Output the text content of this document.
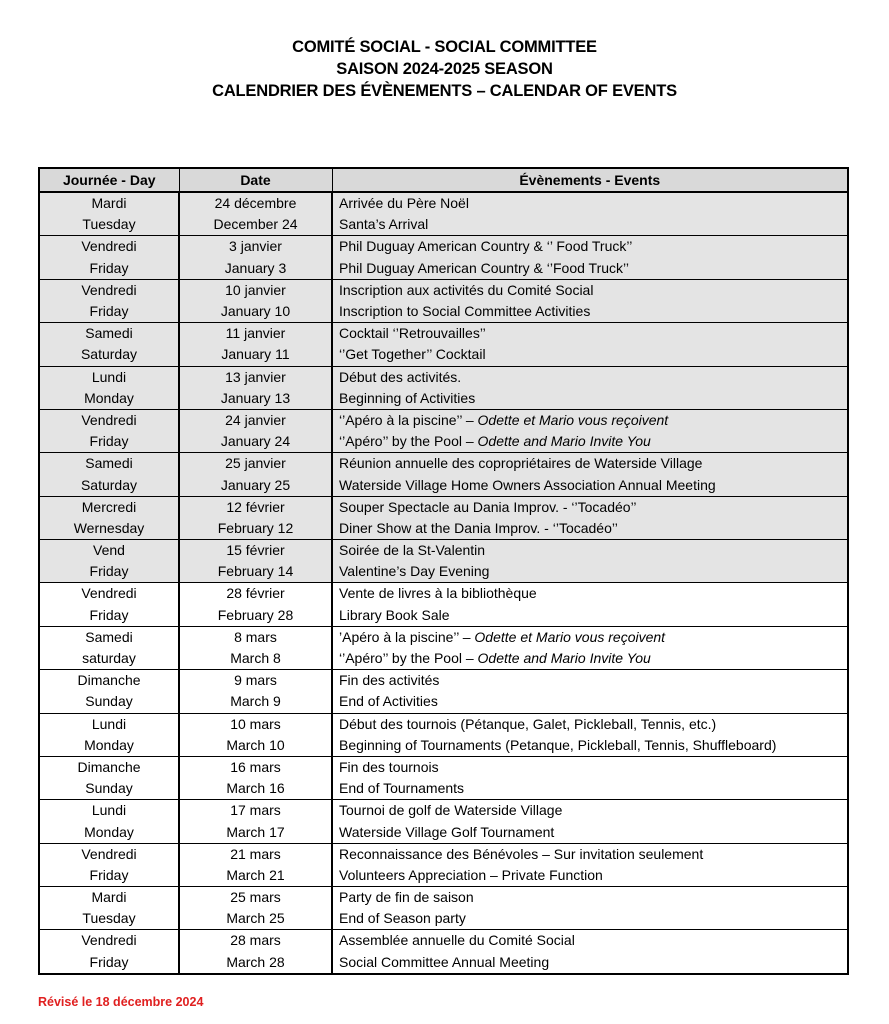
COMITÉ SOCIAL - SOCIAL COMMITTEE
SAISON 2024-2025 SEASON
CALENDRIER DES ÉVÈNEMENTS – CALENDAR OF EVENTS
Journée - Day	Date	Évènements - Events
Mardi	24 décembre	Arrivée du Père Noël
Tuesday	December 24	Santa’s Arrival
Vendredi	3 janvier	Phil Duguay American Country & ‘’ Food Truck’’
Friday	January 3	Phil Duguay American Country & ‘’Food Truck’’
Vendredi	10 janvier	Inscription aux activités du Comité Social
Friday	January 10	Inscription to Social Committee Activities
Samedi	11 janvier	Cocktail ‘’Retrouvailles’’
Saturday	January 11	‘’Get Together’’ Cocktail
Lundi	13 janvier	Début des activités.
Monday	January 13	Beginning of Activities
Vendredi	24 janvier	‘’Apéro à la piscine’’ – Odette et Mario vous reçoivent
Friday	January 24	‘’Apéro’’ by the Pool – Odette and Mario Invite You
Samedi	25 janvier	Réunion annuelle des copropriétaires de Waterside Village
Saturday	January 25	Waterside Village Home Owners Association Annual Meeting
Mercredi	12 février	Souper Spectacle au Dania Improv. - ‘’Tocadéo’’
Wernesday	February 12	Diner Show at the Dania Improv. - ‘’Tocadéo’’
Vend	15 février	Soirée de la St-Valentin
Friday	February 14	Valentine’s Day Evening
Vendredi	28 février	Vente de livres à la bibliothèque
Friday	February 28	Library Book Sale
Samedi	8 mars	’Apéro à la piscine’’ – Odette et Mario vous reçoivent
saturday	March 8	‘’Apéro’’ by the Pool – Odette and Mario Invite You
Dimanche	9 mars	Fin des activités
Sunday	March 9	End of Activities
Lundi	10 mars	Début des tournois (Pétanque, Galet, Pickleball, Tennis, etc.)
Monday	March 10	Beginning of Tournaments (Petanque, Pickleball, Tennis, Shuffleboard)
Dimanche	16 mars	Fin des tournois
Sunday	March 16	End of Tournaments
Lundi	17 mars	Tournoi de golf de Waterside Village
Monday	March 17	Waterside Village Golf Tournament
Vendredi	21 mars	Reconnaissance des Bénévoles – Sur invitation seulement
Friday	March 21	Volunteers Appreciation – Private Function
Mardi	25 mars	Party de fin de saison
Tuesday	March 25	End of Season party
Vendredi	28 mars	Assemblée annuelle du Comité Social
Friday	March 28	Social Committee Annual Meeting
Révisé le 18 décembre 2024
